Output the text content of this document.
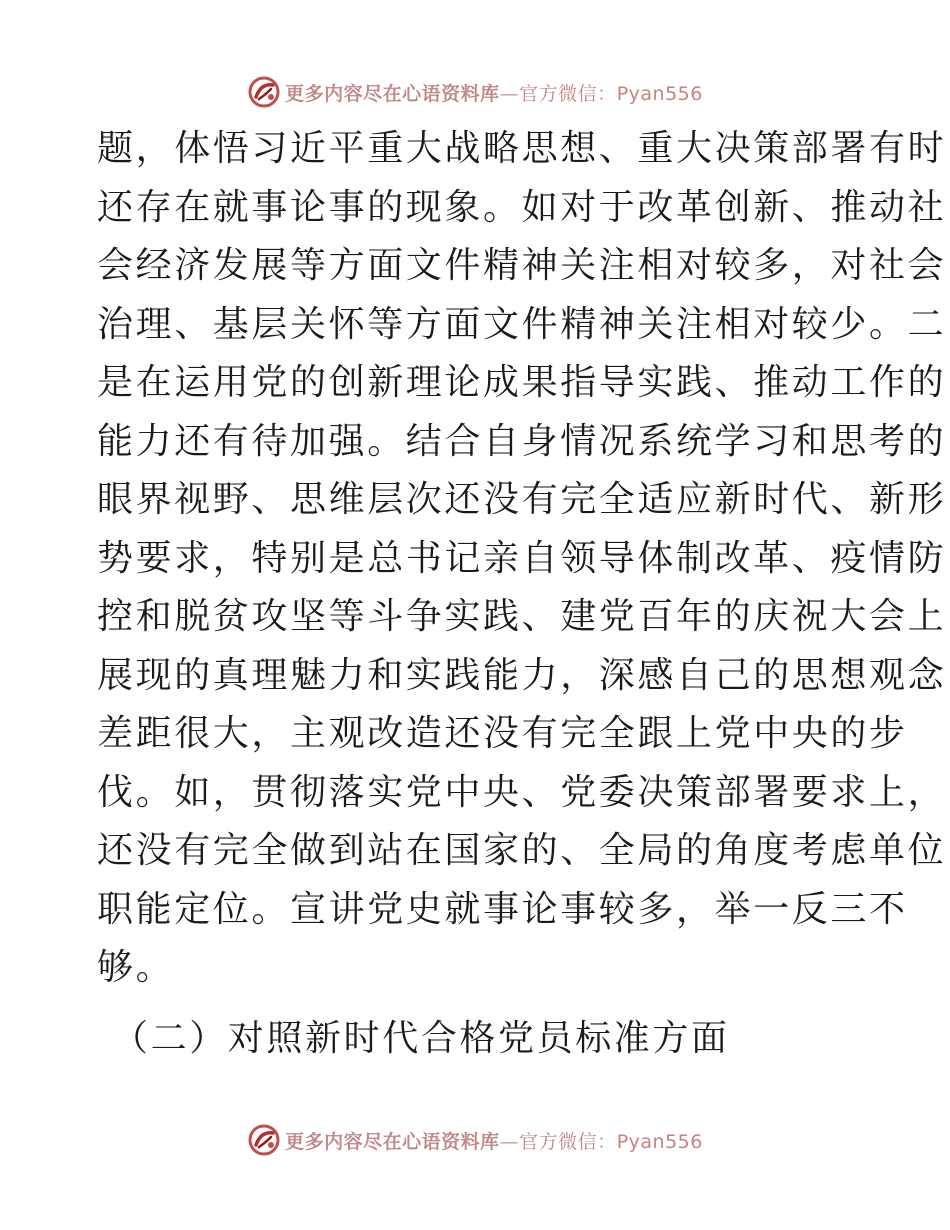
更多内容尽在心语资料库—官方微信：Pyan556
题，体悟习近平重大战略思想、重大决策部署有时
还存在就事论事的现象。如对于改革创新、推动社
会经济发展等方面文件精神关注相对较多，对社会
治理、基层关怀等方面文件精神关注相对较少。二
是在运用党的创新理论成果指导实践、推动工作的
能力还有待加强。结合自身情况系统学习和思考的
眼界视野、思维层次还没有完全适应新时代、新形
势要求，特别是总书记亲自领导体制改革、疫情防
控和脱贫攻坚等斗争实践、建党百年的庆祝大会上
展现的真理魅力和实践能力，深感自己的思想观念
差距很大，主观改造还没有完全跟上党中央的步
伐。如，贯彻落实党中央、党委决策部署要求上，
还没有完全做到站在国家的、全局的角度考虑单位
职能定位。宣讲党史就事论事较多，举一反三不
够。
（二）对照新时代合格党员标准方面
更多内容尽在心语资料库—官方微信：Pyan556
